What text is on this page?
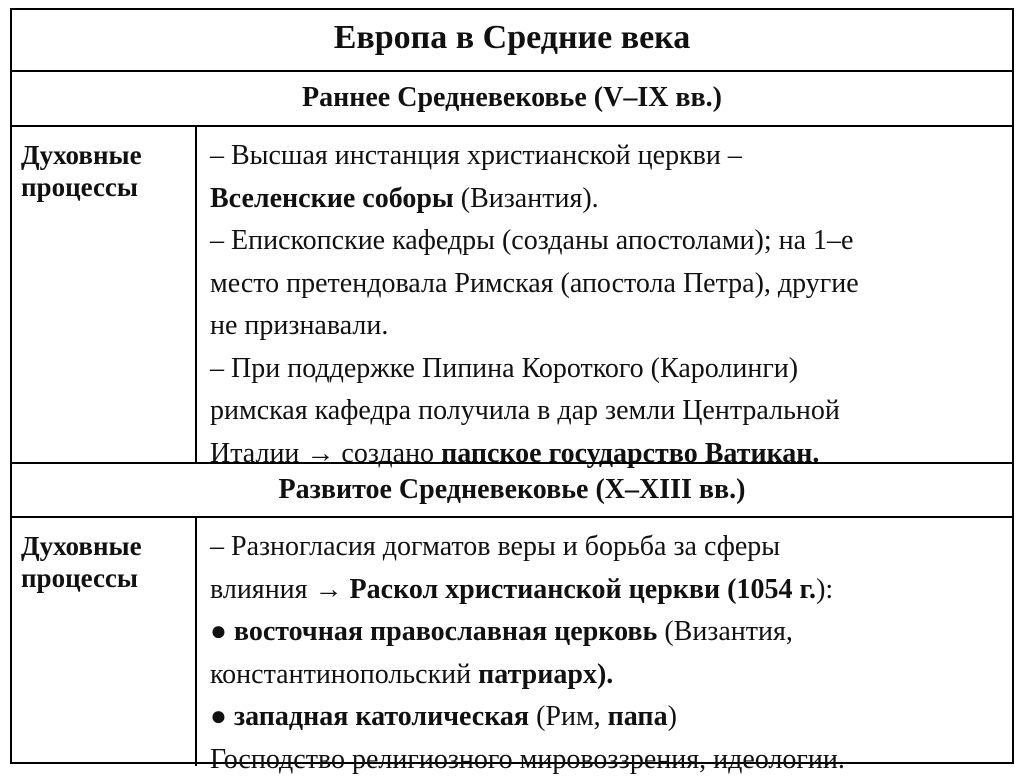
Европа в Средние века
Раннее Средневековье (V–IX вв.)
Духовные
процессы
– Высшая инстанция христианской церкви –
Вселенские соборы (Византия).
– Епископские кафедры (созданы апостолами); на 1–е
место претендовала Римская (апостола Петра), другие
не признавали.
– При поддержке Пипина Короткого (Каролинги)
римская кафедра получила в дар земли Центральной
Италии → создано папское государство Ватикан.
Развитое Средневековье (X–XIII вв.)
Духовные
процессы
– Разногласия догматов веры и борьба за сферы
влияния → Раскол христианской церкви (1054 г.):
● восточная православная церковь (Византия,
константинопольский патриарх).
● западная католическая (Рим, папа)
Господство религиозного мировоззрения, идеологии.
